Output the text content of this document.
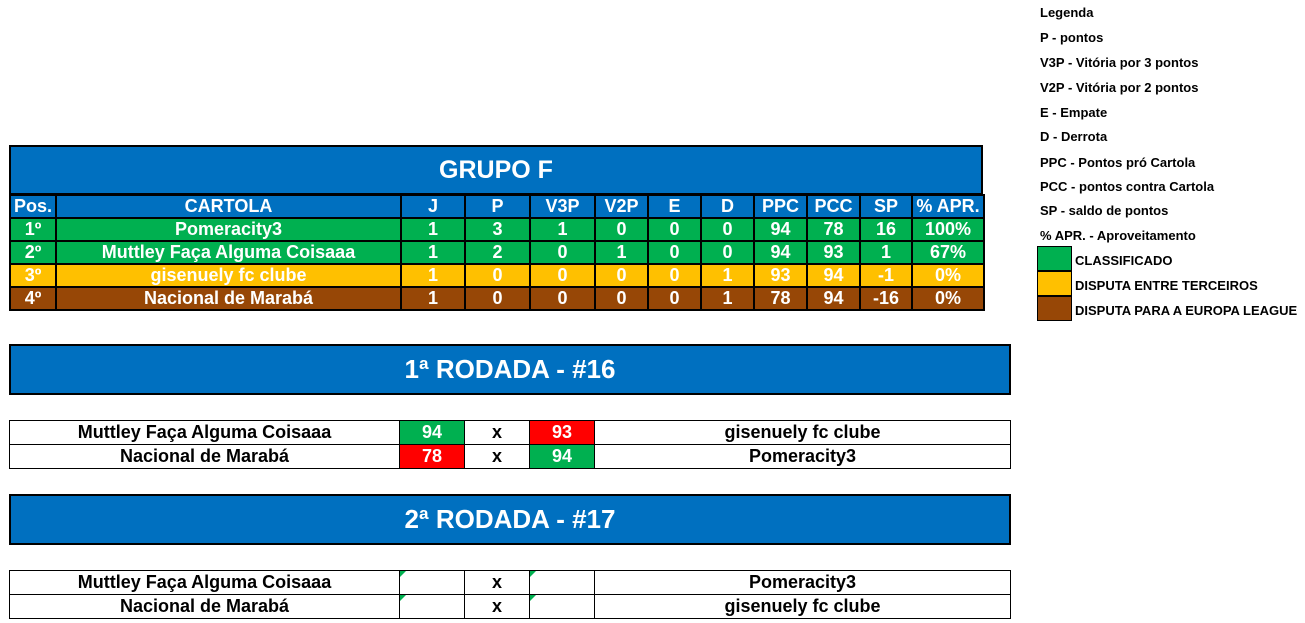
GRUPO F
Pos.	CARTOLA	J	P	V3P	V2P	E	D	PPC	PCC	SP	% APR.
1º	Pomeracity3	1	3	1	0	0	0	94	78	16	100%
2º	Muttley Faça Alguma Coisaaa	1	2	0	1	0	0	94	93	1	67%
3º	gisenuely fc clube	1	0	0	0	0	1	93	94	-1	0%
4º	Nacional de Marabá	1	0	0	0	0	1	78	94	-16	0%
1ª RODADA - #16
Muttley Faça Alguma Coisaaa	94	x	93	gisenuely fc clube
Nacional de Marabá	78	x	94	Pomeracity3
2ª RODADA - #17
Muttley Faça Alguma Coisaaa		x		Pomeracity3
Nacional de Marabá		x		gisenuely fc clube
Legenda
P - pontos
V3P - Vitória por 3 pontos
V2P - Vitória por 2 pontos
E - Empate
D - Derrota
PPC - Pontos pró Cartola
PCC - pontos contra Cartola
SP - saldo de pontos
% APR. - Aproveitamento
CLASSIFICADO
DISPUTA ENTRE TERCEIROS
DISPUTA PARA A EUROPA LEAGUE
